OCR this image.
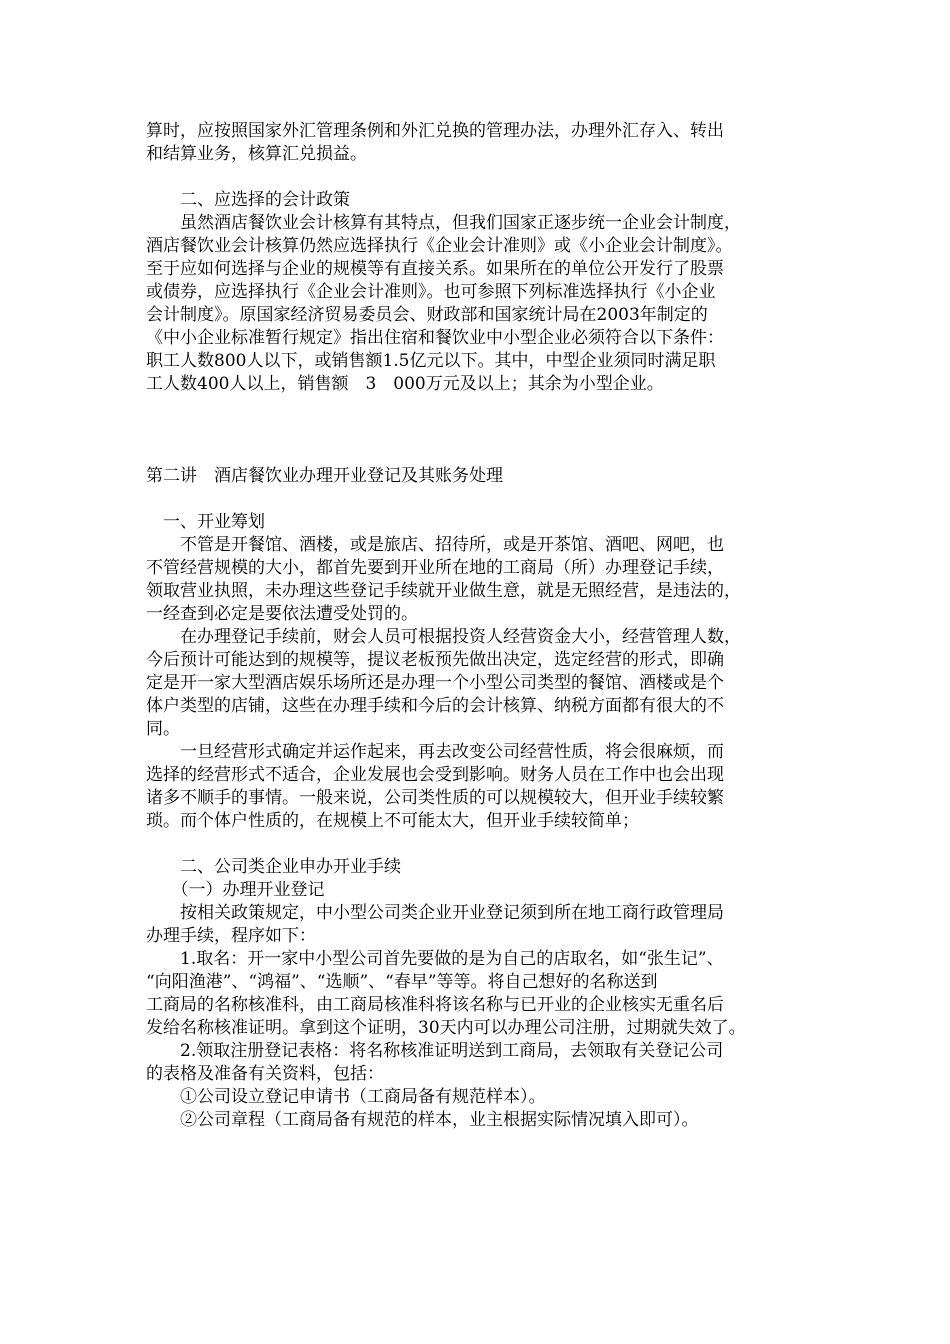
算时，应按照国家外汇管理条例和外汇兑换的管理办法，办理外汇存入、转出
和结算业务，核算汇兑损益。
　　二、应选择的会计政策
　　虽然酒店餐饮业会计核算有其特点，但我们国家正逐步统一企业会计制度，
酒店餐饮业会计核算仍然应选择执行《企业会计准则》或《小企业会计制度》。
至于应如何选择与企业的规模等有直接关系。如果所在的单位公开发行了股票
或债券，应选择执行《企业会计准则》。也可参照下列标准选择执行《小企业
会计制度》。原国家经济贸易委员会、财政部和国家统计局在2003年制定的
《中小企业标准暂行规定》指出住宿和餐饮业中小型企业必须符合以下条件：
职工人数800人以下，或销售额1.5亿元以下。其中，中型企业须同时满足职
工人数400人以上，销售额　3　000万元及以上；其余为小型企业。
第二讲　酒店餐饮业办理开业登记及其账务处理
　一、开业筹划
　　不管是开餐馆、酒楼，或是旅店、招待所，或是开茶馆、酒吧、网吧，也
不管经营规模的大小，都首先要到开业所在地的工商局（所）办理登记手续，
领取营业执照，未办理这些登记手续就开业做生意，就是无照经营，是违法的，
一经查到必定是要依法遭受处罚的。
　　在办理登记手续前，财会人员可根据投资人经营资金大小，经营管理人数，
今后预计可能达到的规模等，提议老板预先做出决定，选定经营的形式，即确
定是开一家大型酒店娱乐场所还是办理一个小型公司类型的餐馆、酒楼或是个
体户类型的店铺，这些在办理手续和今后的会计核算、纳税方面都有很大的不
同。
　　一旦经营形式确定并运作起来，再去改变公司经营性质，将会很麻烦，而
选择的经营形式不适合，企业发展也会受到影响。财务人员在工作中也会出现
诸多不顺手的事情。一般来说，公司类性质的可以规模较大，但开业手续较繁
琐。而个体户性质的，在规模上不可能太大，但开业手续较简单；
　　二、公司类企业申办开业手续
　　（一）办理开业登记
　　按相关政策规定，中小型公司类企业开业登记须到所在地工商行政管理局
办理手续，程序如下：
　　1.取名：开一家中小型公司首先要做的是为自己的店取名，如“张生记”、
“向阳渔港”、“鸿福”、“选顺”、“春早”等等。将自己想好的名称送到
工商局的名称核准科，由工商局核准科将该名称与已开业的企业核实无重名后
发给名称核准证明。拿到这个证明，30天内可以办理公司注册，过期就失效了。
　　2.领取注册登记表格：将名称核准证明送到工商局，去领取有关登记公司
的表格及准备有关资料，包括：
　　①公司设立登记申请书（工商局备有规范样本）。
　　②公司章程（工商局备有规范的样本，业主根据实际情况填入即可）。
